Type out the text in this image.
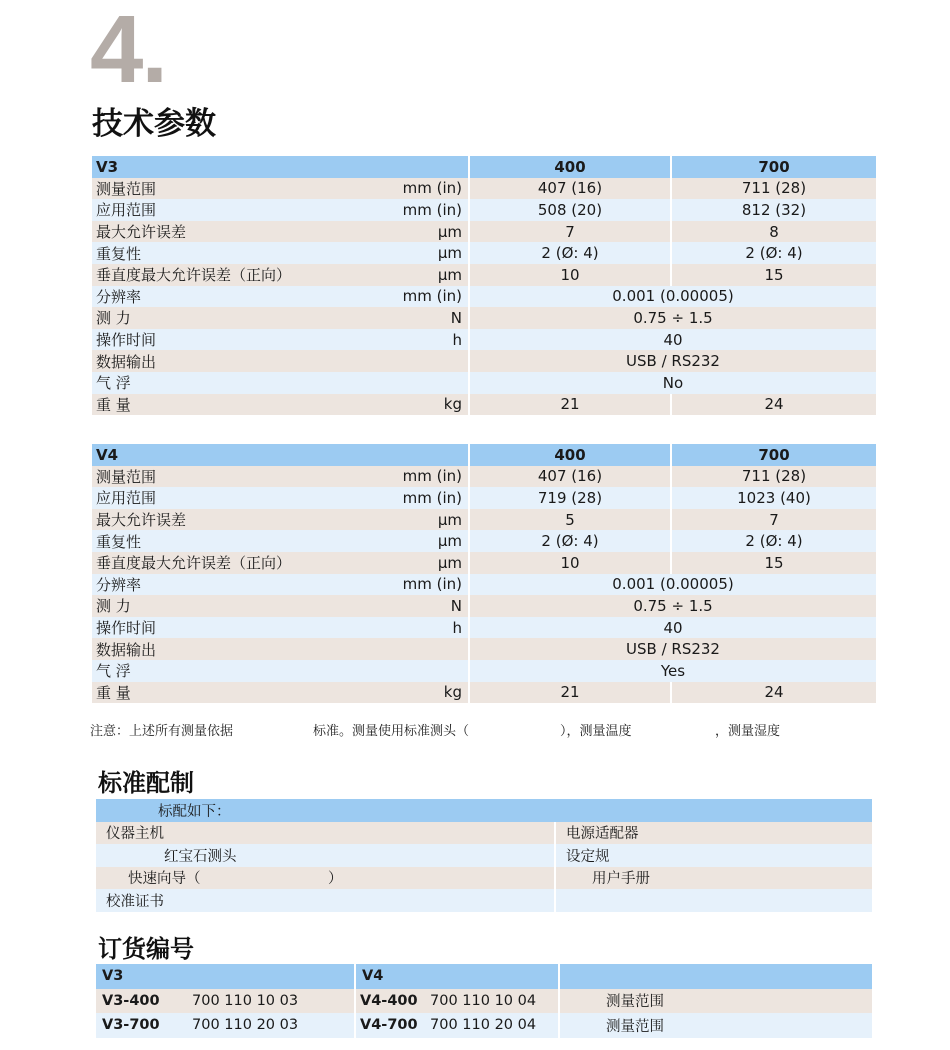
4.
技术参数
V3	400	700
测量范围	mm (in)	407 (16)	711 (28)
应用范围	mm (in)	508 (20)	812 (32)
最大允许误差	µm	7	8
重复性	µm	2 (Ø: 4)	2 (Ø: 4)
垂直度最大允许误差（正向）	µm	10	15
分辨率	mm (in)	0.001 (0.00005)
测 力	N	0.75 ÷ 1.5
操作时间	h	40
数据输出	USB / RS232
气 浮	No
重 量	kg	21	24
V4	400	700
测量范围	mm (in)	407 (16)	711 (28)
应用范围	mm (in)	719 (28)	1023 (40)
最大允许误差	µm	5	7
重复性	µm	2 (Ø: 4)	2 (Ø: 4)
垂直度最大允许误差（正向）	µm	10	15
分辨率	mm (in)	0.001 (0.00005)
测 力	N	0.75 ÷ 1.5
操作时间	h	40
数据输出	USB / RS232
气 浮	Yes
重 量	kg	21	24
注意：上述所有测量依据	标准。测量使用标准测头（	），测量温度	，测量湿度
标准配制
标配如下：
仪器主机	电源适配器
红宝石测头	设定规
快速向导（	）	用户手册
校准证书
订货编号
V3	V4
V3-400	700 110 10 03	V4-400 700 110 10 04	测量范围
V3-700	700 110 20 03	V4-700 700 110 20 04	测量范围
